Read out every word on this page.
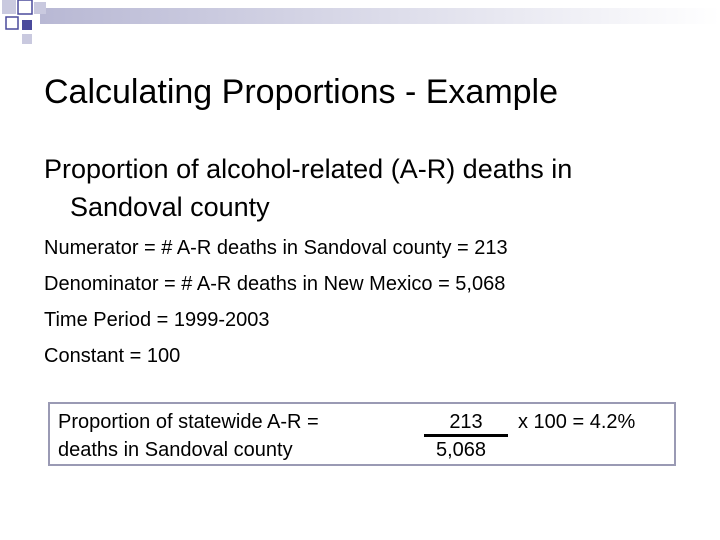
Calculating Proportions - Example
Proportion of alcohol-related (A-R) deaths in
Sandoval county
Numerator = # A-R deaths in Sandoval county = 213
Denominator = # A-R deaths in New Mexico = 5,068
Time Period = 1999-2003
Constant = 100
Proportion of statewide A-R =
deaths in Sandoval county
213
5,068
x 100 = 4.2%
